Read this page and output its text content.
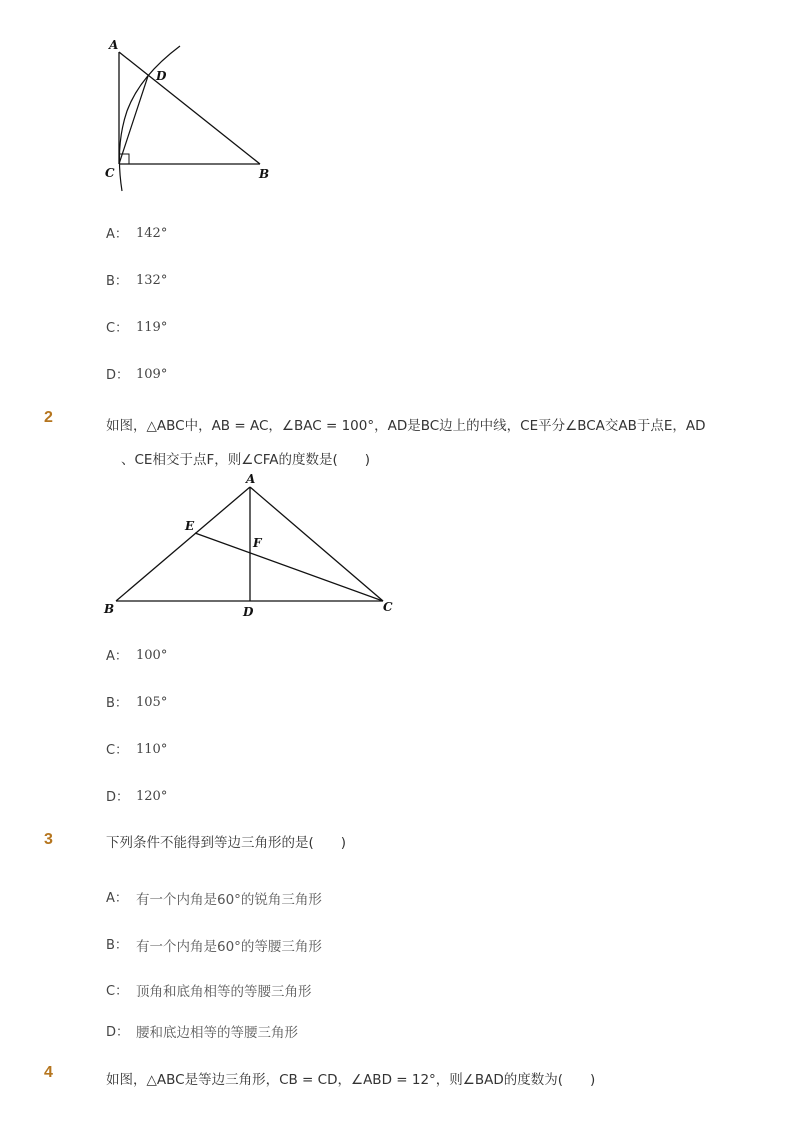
A
D
C	B
A： 142°
B： 132°
C： 119°
D： 109°
2	如图，△ABC中，AB = AC，∠BAC = 100°，AD是BC边上的中线，CE平分∠BCA交AB于点E，AD
、CE相交于点F，则∠CFA的度数是(　　)
A
E
F
B	D	C
A： 100°
B： 105°
C： 110°
D： 120°
3	下列条件不能得到等边三角形的是(　　)
A： 有一个内角是60°的锐角三角形
B： 有一个内角是60°的等腰三角形
C： 顶角和底角相等的等腰三角形
D： 腰和底边相等的等腰三角形
4	如图，△ABC是等边三角形，CB = CD，∠ABD = 12°，则∠BAD的度数为(　　)
